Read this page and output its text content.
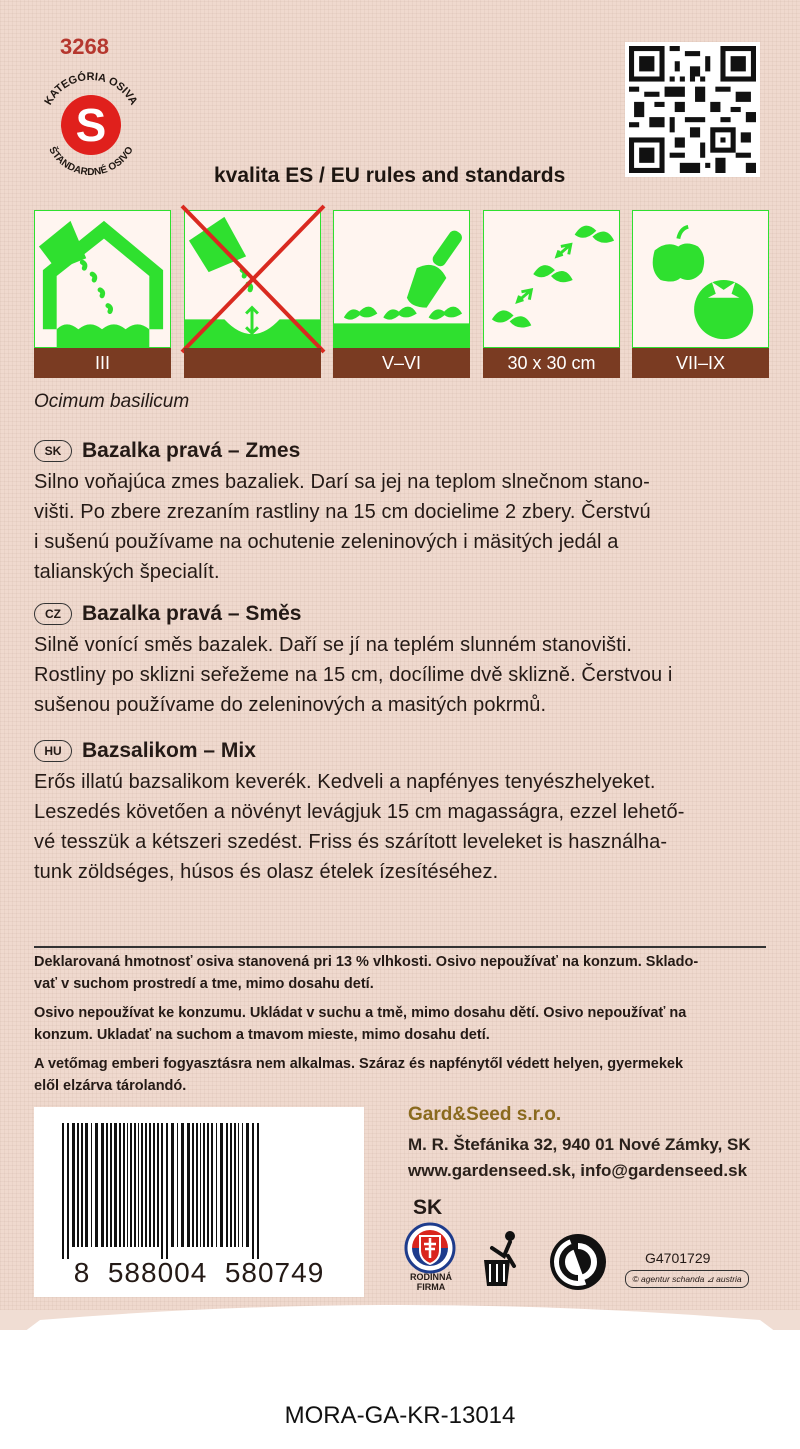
3268
KATEGÓRIA OSIVA
ŠTANDARDNÉ OSIVO
S
kvalita ES / EU rules and standards
III	V–VI	30 x 30 cm	VII–IX
Ocimum basilicum
SK Bazalka pravá – Zmes
Silno voňajúca zmes bazaliek. Darí sa jej na teplom slnečnom stano-
višti. Po zbere zrezaním rastliny na 15 cm docielime 2 zbery. Čerstvú
i sušenú používame na ochutenie zeleninových i mäsitých jedál a
talianských špecialít.
CZ	Bazalka pravá – Směs
Silně vonící směs bazalek. Daří se jí na teplém slunném stanovišti.
Rostliny po sklizni seřežeme na 15 cm, docílime dvě sklizně. Čerstvou i
sušenou používame do zeleninových a masitých pokrmů.
HU Bazsalikom – Mix
Erős illatú bazsalikom keverék. Kedveli a napfényes tenyészhelyeket.
Leszedés követően a növényt levágjuk 15 cm magasságra, ezzel lehető-
vé tesszük a kétszeri szedést. Friss és szárított leveleket is használha-
tunk zöldséges, húsos és olasz ételek ízesítéséhez.
Deklarovaná hmotnosť osiva stanovená pri 13 % vlhkosti. Osivo nepoužívať na konzum. Sklado-
vať v suchom prostredí a tme, mimo dosahu detí.
Osivo nepoužívat ke konzumu. Ukládat v suchu a tmě, mimo dosahu dětí. Osivo nepoužívať na
konzum. Ukladať na suchom a tmavom mieste, mimo dosahu detí.
A vetőmag emberi fogyasztásra nem alkalmas. Száraz és napfénytől védett helyen, gyermekek
elől elzárva tárolandó.
8  588004  580749
Gard&Seed s.r.o.
M. R. Štefánika 32, 940 01 Nové Zámky, SK
www.gardenseed.sk, info@gardenseed.sk
SK
RODINNÁ FIRMA
G4701729
© agentur schanda ⊿ austria
MORA-GA-KR-13014
